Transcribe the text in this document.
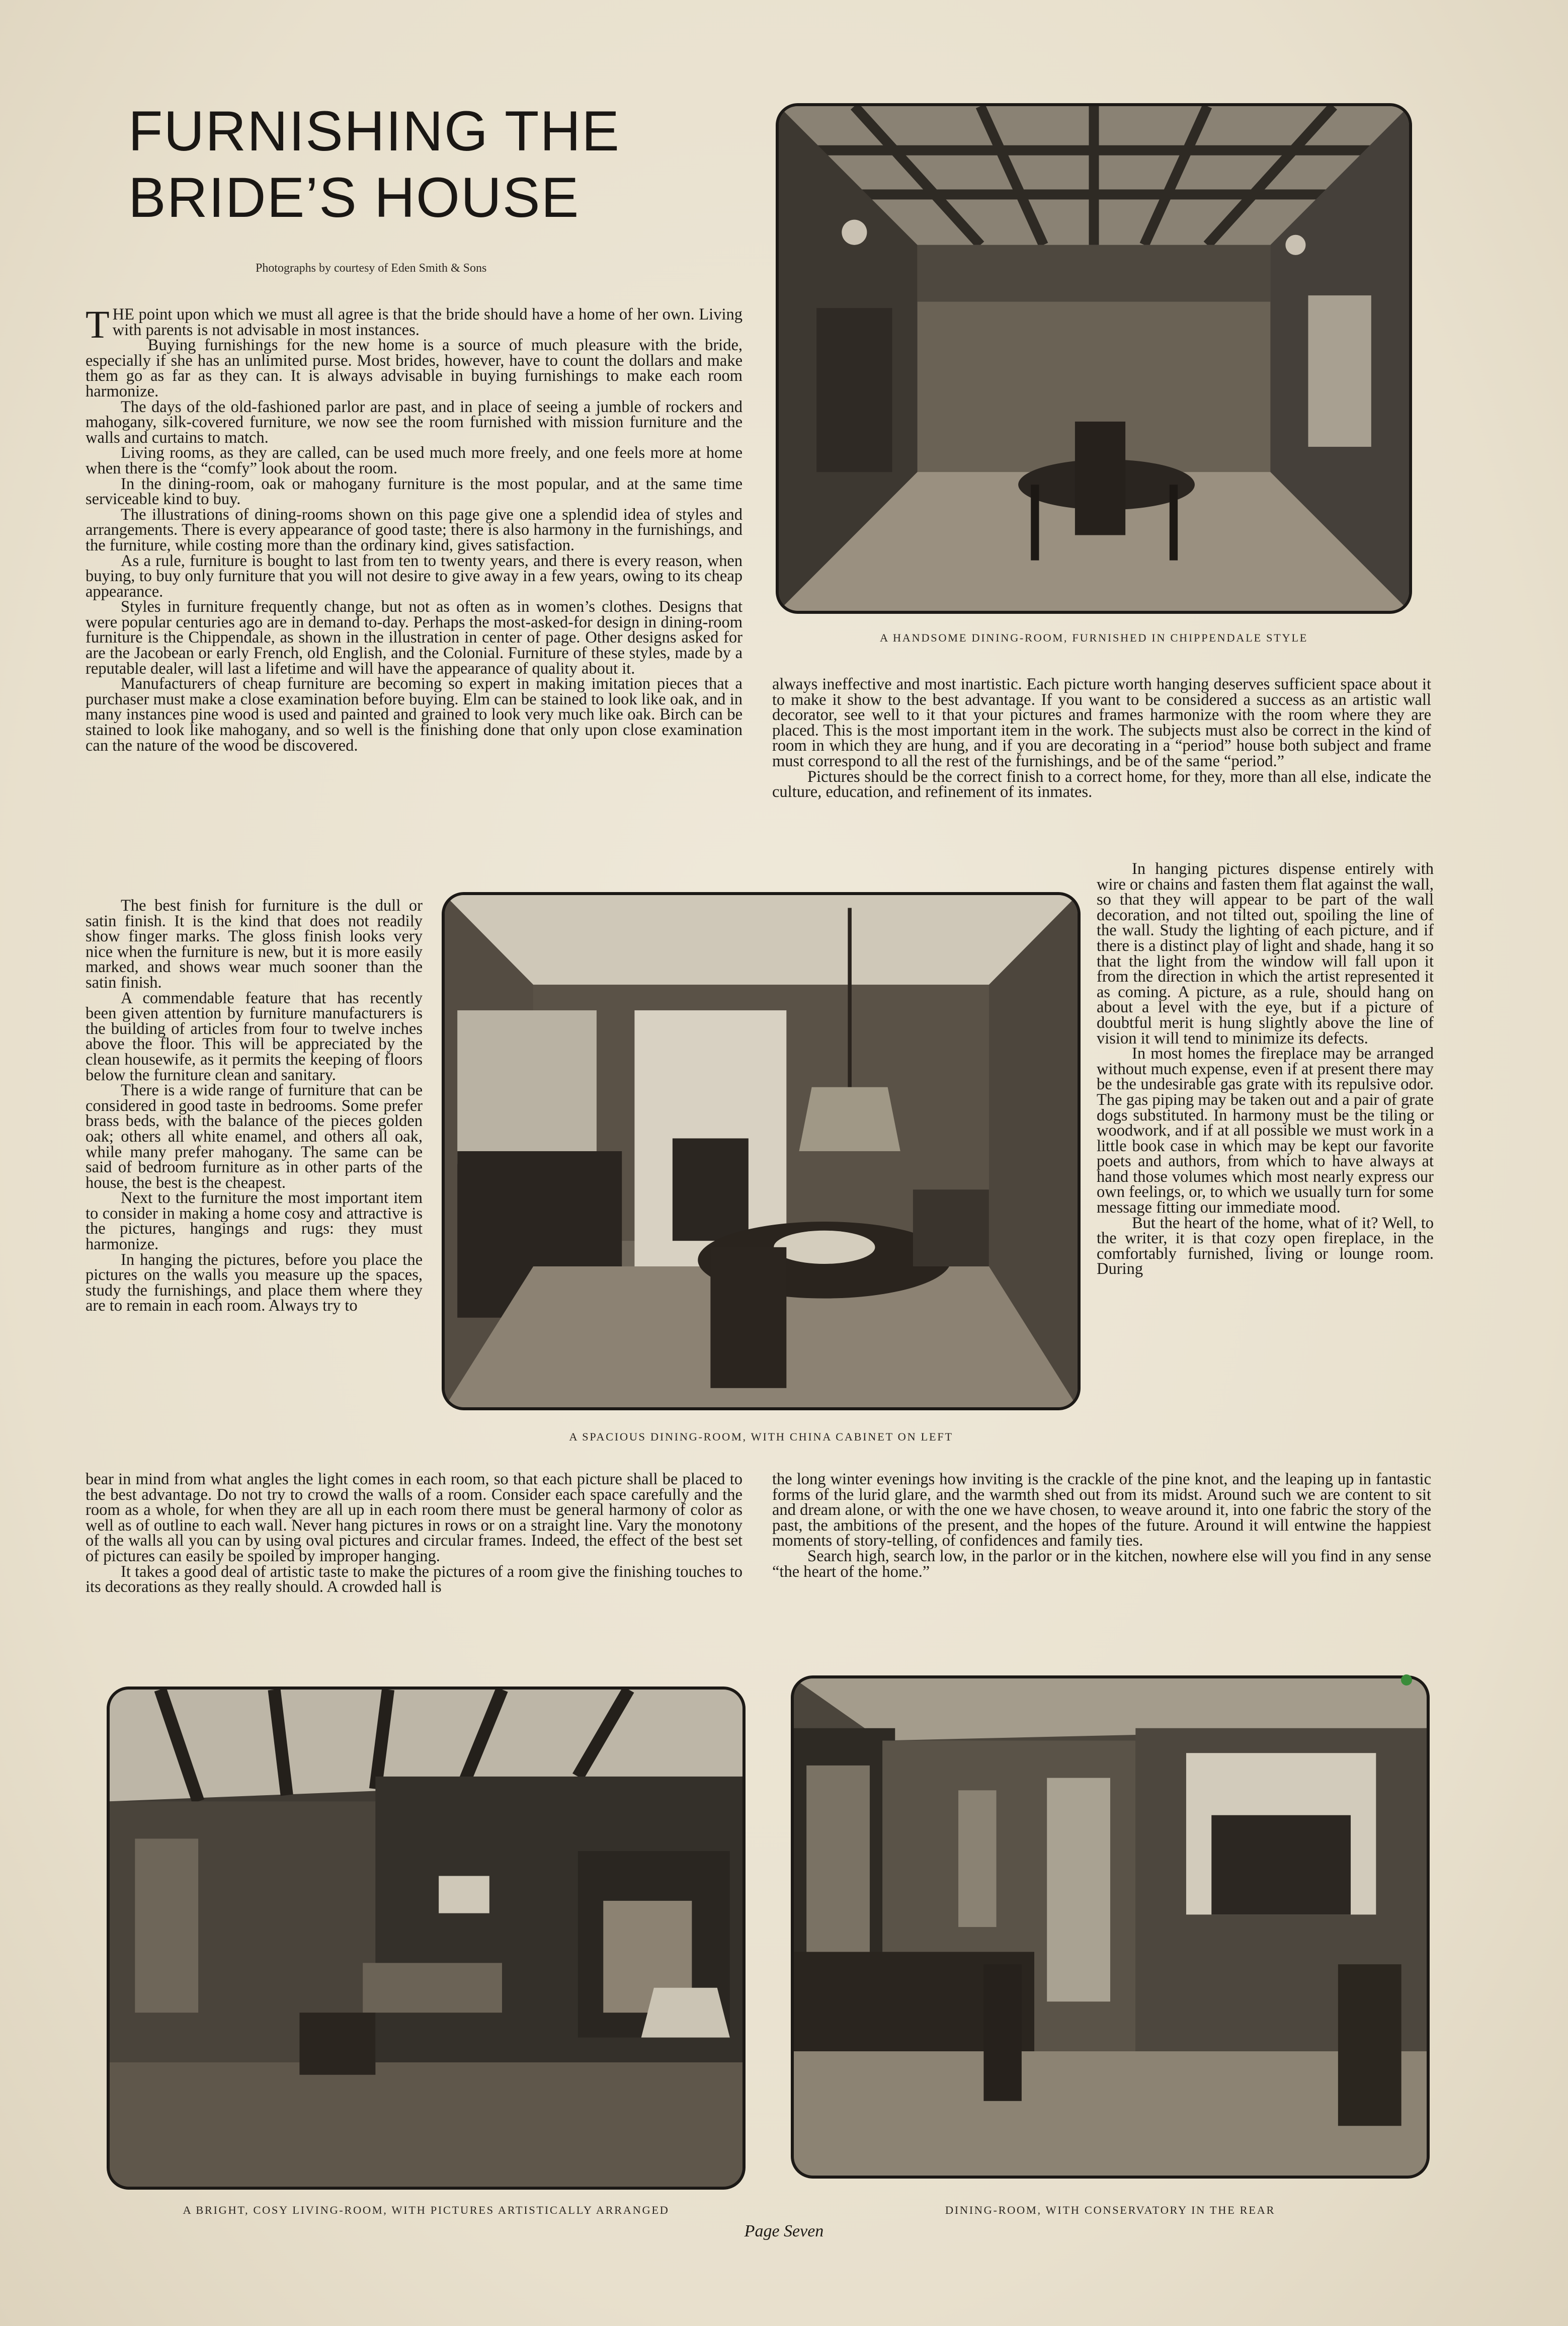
FURNISHING THE
BRIDE’S HOUSE
Photographs by courtesy of Eden Smith & Sons
T HE point upon which we must all agree is that the bride should have a home of her own. Living with parents is not advisable in most instances.

Buying furnishings for the new home is a source of much pleasure with the bride, especially if she has an unlimited purse. Most brides, however, have to count the dollars and make them go as far as they can. It is always advisable in buying furnishings to make each room harmonize.

The days of the old-fashioned parlor are past, and in place of seeing a jumble of rockers and mahogany, silk-covered furniture, we now see the room furnished with mission furniture and the walls and curtains to match.

Living rooms, as they are called, can be used much more freely, and one feels more at home when there is the “comfy” look about the room.

In the dining-room, oak or mahogany furniture is the most popular, and at the same time serviceable kind to buy.

The illustrations of dining-rooms shown on this page give one a splendid idea of styles and arrangements. There is every appearance of good taste; there is also harmony in the furnishings, and the furniture, while costing more than the ordinary kind, gives satisfaction.

As a rule, furniture is bought to last from ten to twenty years, and there is every reason, when buying, to buy only furniture that you will not desire to give away in a few years, owing to its cheap appearance.

Styles in furniture frequently change, but not as often as in women’s clothes. Designs that were popular centuries ago are in demand to-day. Perhaps the most-asked-for design in dining-room furniture is the Chippendale, as shown in the illustration in center of page. Other designs asked for are the Jacobean or early French, old English, and the Colonial. Furniture of these styles, made by a reputable dealer, will last a lifetime and will have the appearance of quality about it.

Manufacturers of cheap furniture are becoming so expert in making imitation pieces that a purchaser must make a close examination before buying. Elm can be stained to look like oak, and in many instances pine wood is used and painted and grained to look very much like oak. Birch can be stained to look like mahogany, and so well is the finishing done that only upon close examination can the nature of the wood be discovered.

The best finish for furniture is the dull or satin finish. It is the kind that does not readily show finger marks. The gloss finish looks very nice when the furniture is new, but it is more easily marked, and shows wear much sooner than the satin finish.

A commendable feature that has recently been given attention by furniture manufacturers is the building of articles from four to twelve inches above the floor. This will be appreciated by the clean housewife, as it permits the keeping of floors below the furniture clean and sanitary.

There is a wide range of furniture that can be considered in good taste in bedrooms. Some prefer brass beds, with the balance of the pieces golden oak; others all white enamel, and others all oak, while many prefer mahogany. The same can be said of bedroom furniture as in other parts of the house, the best is the cheapest.

Next to the furniture the most important item to consider in making a home cosy and attractive is the pictures, hangings and rugs: they must harmonize.

In hanging the pictures, before you place the pictures on the walls you measure up the spaces, study the furnishings, and place them where they are to remain in each room. Always try to

bear in mind from what angles the light comes in each room, so that each picture shall be placed to the best advantage. Do not try to crowd the walls of a room. Consider each space carefully and the room as a whole, for when they are all up in each room there must be general harmony of color as well as of outline to each wall. Never hang pictures in rows or on a straight line. Vary the monotony of the walls all you can by using oval pictures and circular frames. Indeed, the effect of the best set of pictures can easily be spoiled by improper hanging.

It takes a good deal of artistic taste to make the pictures of a room give the finishing touches to its decorations as they really should. A crowded hall is

always ineffective and most inartistic. Each picture worth hanging deserves sufficient space about it to make it show to the best advantage. If you want to be considered a success as an artistic wall decorator, see well to it that your pictures and frames harmonize with the room where they are placed. This is the most important item in the work. The subjects must also be correct in the kind of room in which they are hung, and if you are decorating in a “period” house both subject and frame must correspond to all the rest of the furnishings, and be of the same “period.”

Pictures should be the correct finish to a correct home, for they, more than all else, indicate the culture, education, and refinement of its inmates.

In hanging pictures dispense entirely with wire or chains and fasten them flat against the wall, so that they will appear to be part of the wall decoration, and not tilted out, spoiling the line of the wall. Study the lighting of each picture, and if there is a distinct play of light and shade, hang it so that the light from the window will fall upon it from the direction in which the artist represented it as coming. A picture, as a rule, should hang on about a level with the eye, but if a picture of doubtful merit is hung slightly above the line of vision it will tend to minimize its defects.

In most homes the fireplace may be arranged without much expense, even if at present there may be the undesirable gas grate with its repulsive odor. The gas piping may be taken out and a pair of grate dogs substituted. In harmony must be the tiling or woodwork, and if at all possible we must work in a little book case in which may be kept our favorite poets and authors, from which to have always at hand those volumes which most nearly express our own feelings, or, to which we usually turn for some message fitting our immediate mood.

But the heart of the home, what of it? Well, to the writer, it is that cozy open fireplace, in the comfortably furnished, living or lounge room. During

the long winter evenings how inviting is the crackle of the pine knot, and the leaping up in fantastic forms of the lurid glare, and the warmth shed out from its midst. Around such we are content to sit and dream alone, or with the one we have chosen, to weave around it, into one fabric the story of the past, the ambitions of the present, and the hopes of the future. Around it will entwine the happiest moments of story-telling, of confidences and family ties.

Search high, search low, in the parlor or in the kitchen, nowhere else will you find in any sense “the heart of the home.”

A HANDSOME DINING-ROOM, FURNISHED IN CHIPPENDALE STYLE
A SPACIOUS DINING-ROOM, WITH CHINA CABINET ON LEFT
A BRIGHT, COSY LIVING-ROOM, WITH PICTURES ARTISTICALLY ARRANGED	DINING-ROOM, WITH CONSERVATORY IN THE REAR
Page Seven
